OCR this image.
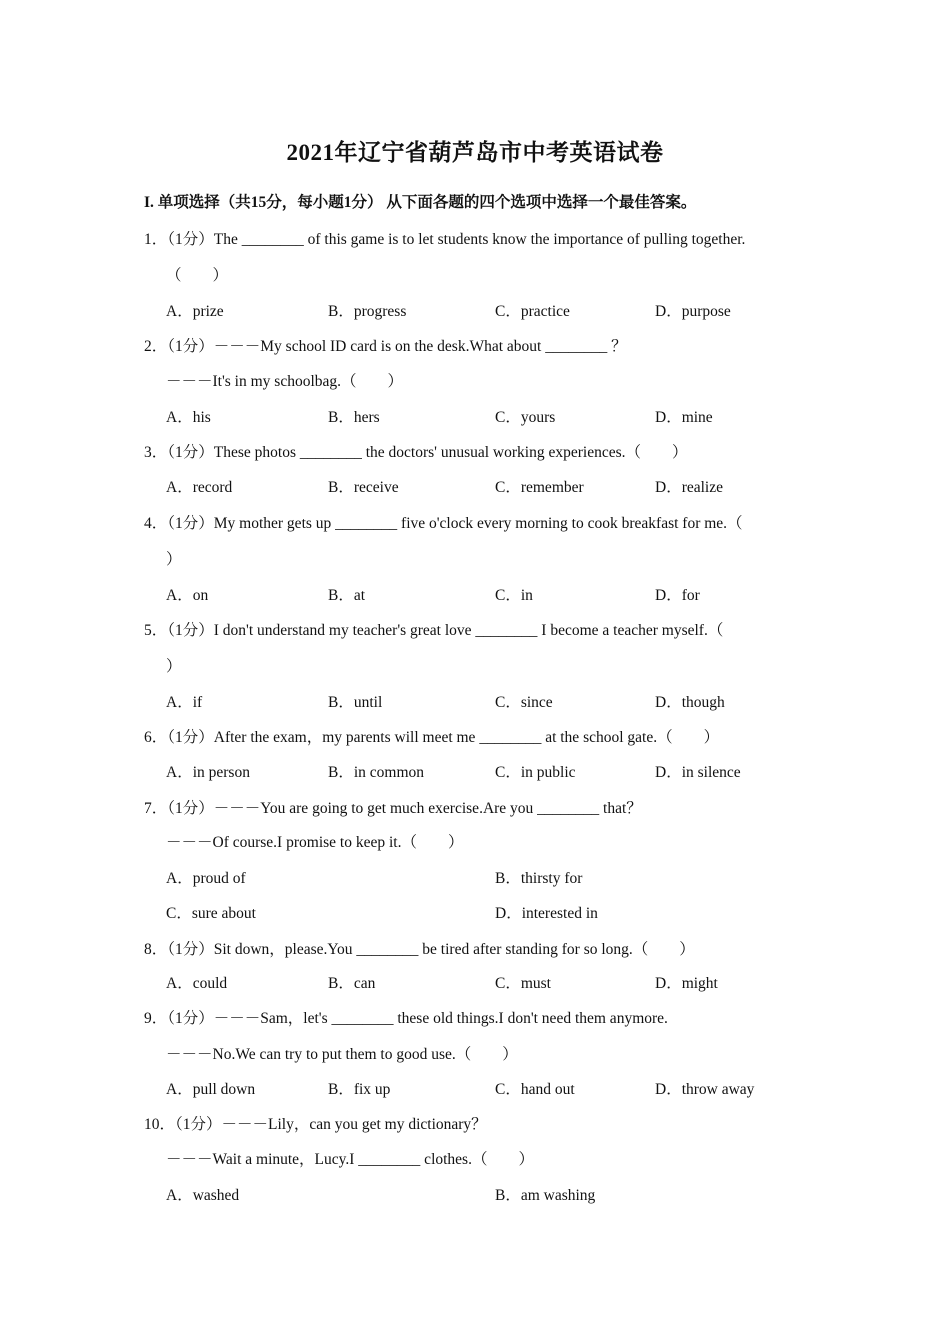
2021年辽宁省葫芦岛市中考英语试卷
I. 单项选择（共15分，每小题1分） 从下面各题的四个选项中选择一个最佳答案。
1．（1分）The ________ of this game is to let students know the importance of pulling together.
（　　）
A．prize	B．progress	C．practice	D．purpose
2．（1分）－－－My school ID card is on the desk.What about ________ ？
－－－It's in my schoolbag.（　　）
A．his	B．hers	C．yours	D．mine
3．（1分）These photos ________ the doctors' unusual working experiences.（　　）
A．record	B．receive	C．remember	D．realize
4．（1分）My mother gets up ________ five o'clock every morning to cook breakfast for me.（
）
A．on	B．at	C．in	D．for
5．（1分）I don't understand my teacher's great love ________ I become a teacher myself.（
）
A．if	B．until	C．since	D．though
6．（1分）After the exam，my parents will meet me ________ at the school gate.（　　）
A．in person	B．in common	C．in public	D．in silence
7．（1分）－－－You are going to get much exercise.Are you ________ that？
－－－Of course.I promise to keep it.（　　）
A．proud of	B．thirsty for
C．sure about	D．interested in
8．（1分）Sit down，please.You ________ be tired after standing for so long.（　　）
A．could	B．can	C．must	D．might
9．（1分）－－－Sam，let's ________ these old things.I don't need them anymore.
－－－No.We can try to put them to good use.（　　）
A．pull down	B．fix up	C．hand out	D．throw away
10．（1分）－－－Lily，can you get my dictionary？
－－－Wait a minute，Lucy.I ________ clothes.（　　）
A．washed	B．am washing
